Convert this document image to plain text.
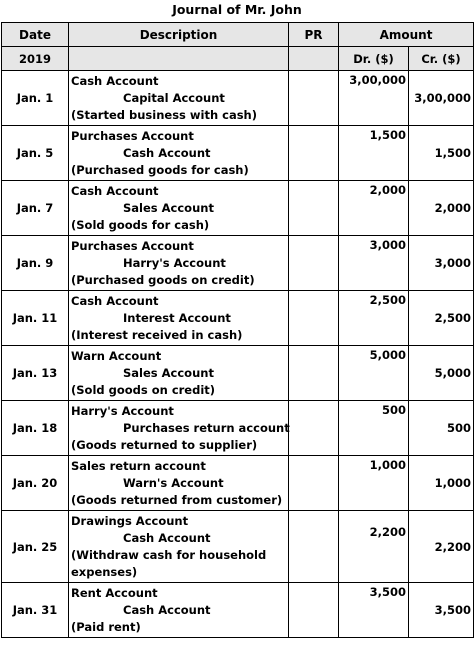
Journal of Mr. John
Date	Description	PR	Amount	
2019			Dr. ($)	Cr. ($)
Jan. 1	Cash Account
Capital Account
(Started business with cash)		3,00,000	3,00,000
Jan. 5	Purchases Account
Cash Account
(Purchased goods for cash)		1,500	1,500
Jan. 7	Cash Account
Sales Account
(Sold goods for cash)		2,000	2,000
Jan. 9	Purchases Account
Harry's Account
(Purchased goods on credit)		3,000	3,000
Jan. 11	Cash Account
Interest Account
(Interest received in cash)		2,500	2,500
Jan. 13	Warn Account
Sales Account
(Sold goods on credit)		5,000	5,000
Jan. 18	Harry's Account
Purchases return account
(Goods returned to supplier)		500	500
Jan. 20	Sales return account
Warn's Account
(Goods returned from customer)		1,000	1,000
Jan. 25	Drawings Account
Cash Account
(Withdraw cash for household expenses)		2,200	2,200
Jan. 31	Rent Account
Cash Account
(Paid rent)		3,500	3,500
